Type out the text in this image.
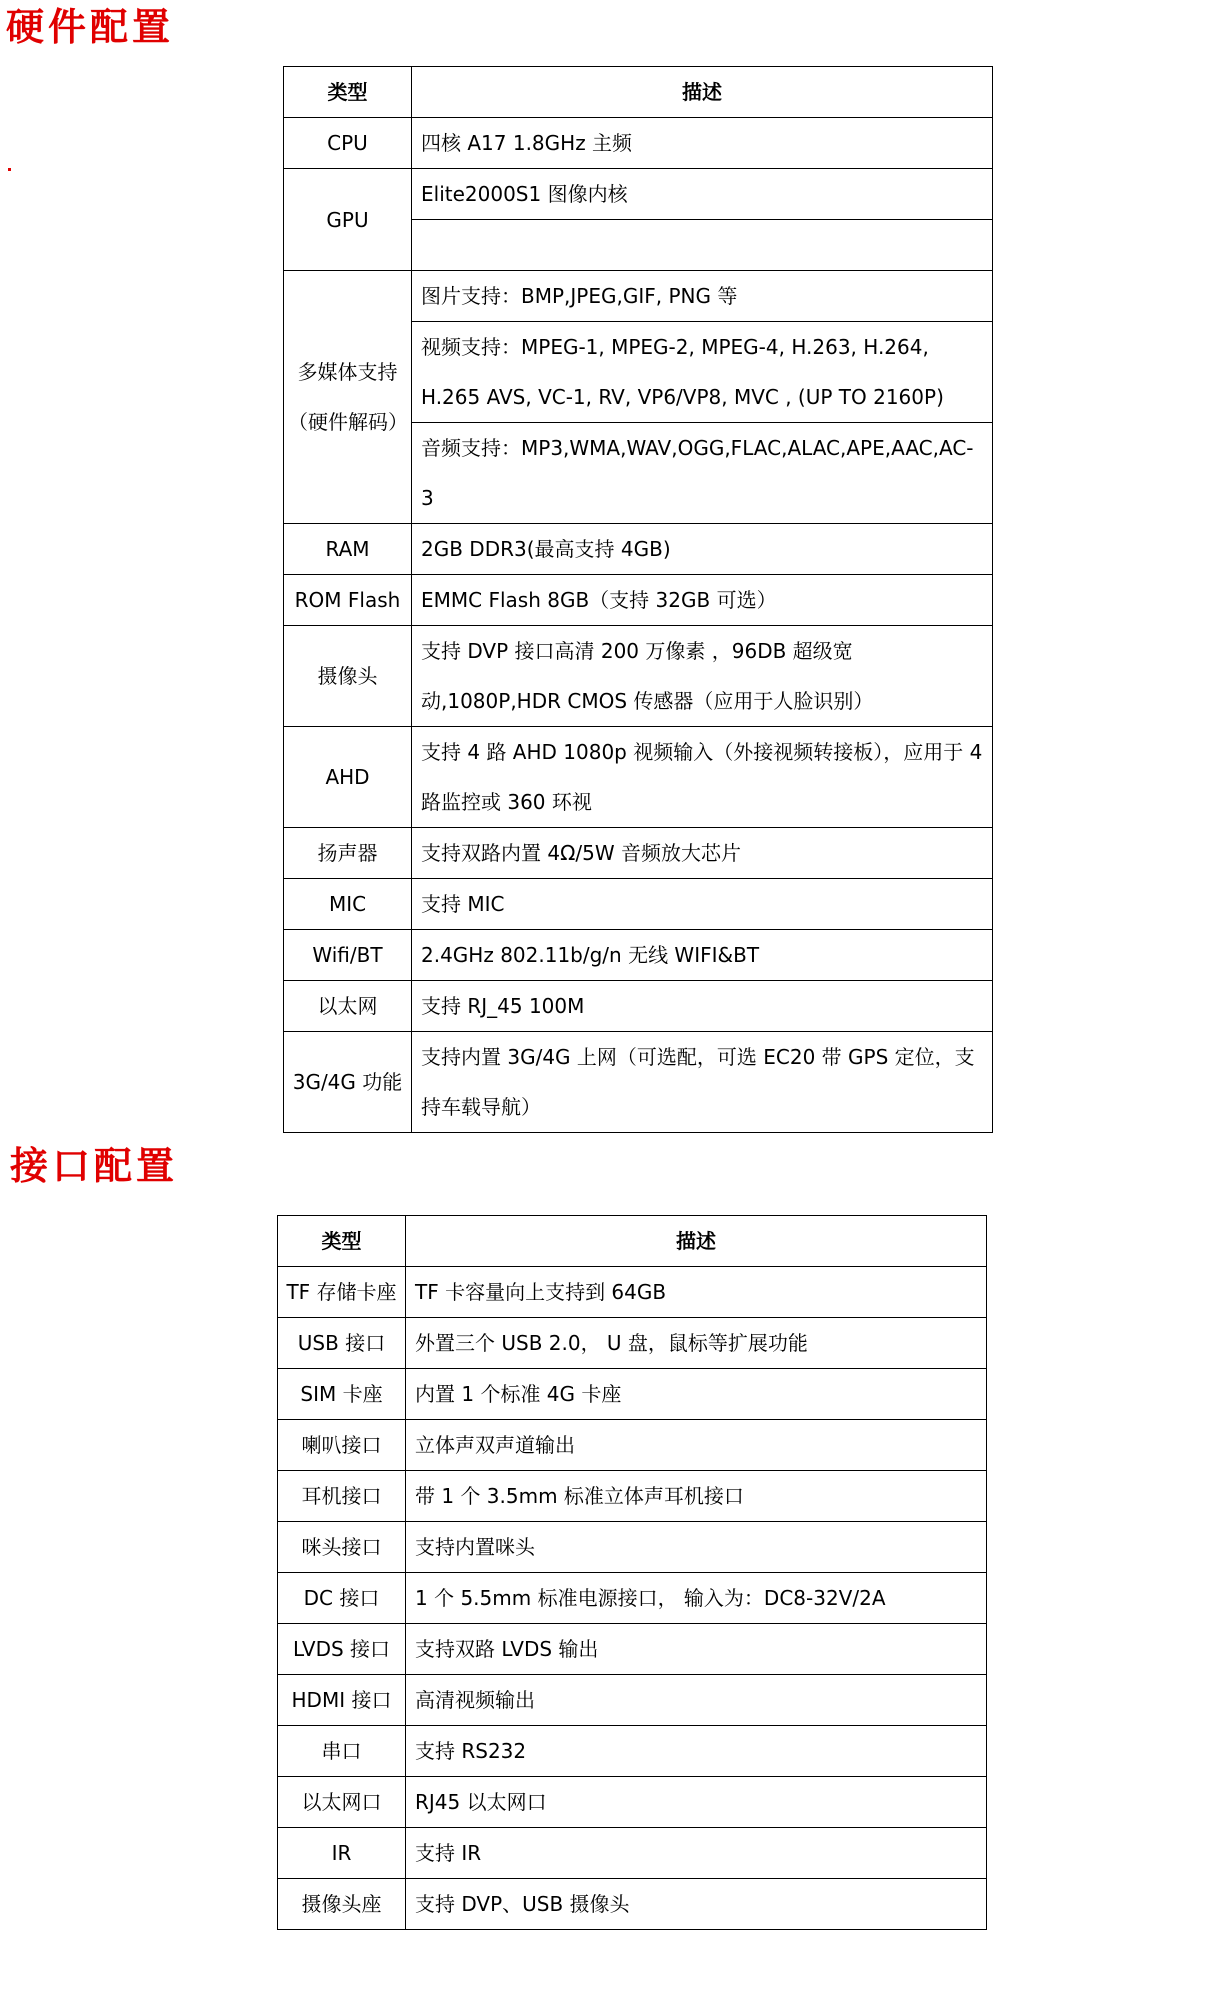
硬件配置
类型	描述
CPU	四核 A17 1.8GHz 主频
GPU	Elite2000S1 图像内核

多媒体支持（硬件解码）	图片支持：BMP,JPEG,GIF, PNG 等
	视频支持：MPEG-1, MPEG-2, MPEG-4, H.263, H.264, H.265 AVS, VC-1, RV, VP6/VP8, MVC , (UP TO 2160P)
	音频支持：MP3,WMA,WAV,OGG,FLAC,ALAC,APE,AAC,AC-3
RAM	2GB DDR3(最高支持 4GB)
ROM Flash	EMMC Flash 8GB（支持 32GB 可选）
摄像头	支持 DVP 接口高清 200 万像素 ，96DB 超级宽动,1080P,HDR CMOS 传感器（应用于人脸识别）
AHD	支持 4 路 AHD 1080p 视频输入（外接视频转接板），应用于 4 路监控或 360 环视
扬声器	支持双路内置 4Ω/5W 音频放大芯片
MIC	支持 MIC
Wifi/BT	2.4GHz 802.11b/g/n 无线 WIFI&BT
以太网	支持 RJ_45 100M
3G/4G 功能	支持内置 3G/4G 上网（可选配，可选 EC20 带 GPS 定位，支持车载导航）
接口配置
类型	描述
TF 存储卡座	TF 卡容量向上支持到 64GB
USB 接口	外置三个 USB 2.0， U 盘，鼠标等扩展功能
SIM 卡座	内置 1 个标准 4G 卡座
喇叭接口	立体声双声道输出
耳机接口	带 1 个 3.5mm 标准立体声耳机接口
咪头接口	支持内置咪头
DC 接口	1 个 5.5mm 标准电源接口， 输入为：DC8-32V/2A
LVDS 接口	支持双路 LVDS 输出
HDMI 接口	高清视频输出
串口	支持 RS232
以太网口	RJ45 以太网口
IR	支持 IR
摄像头座	支持 DVP、USB 摄像头
